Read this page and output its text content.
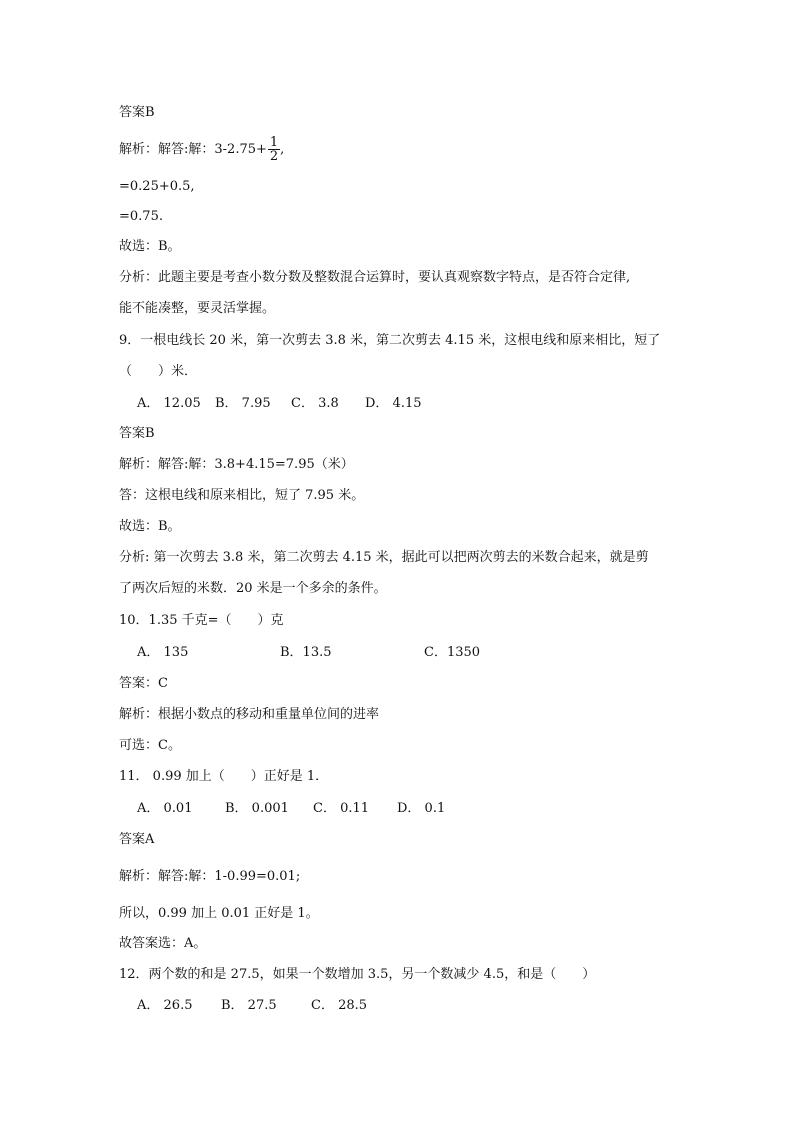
答案B
解析：解答:解：$3-2.75+ \frac{1}{2}$ ,
=0.25+0.5,
=0.75.
故选：B。
分析：此题主要是考查小数分数及整数混合运算时，要认真观察数字特点，是否符合定律,
能不能凑整，要灵活掌握。
9．一根电线长 20 米，第一次剪去 3.8 米，第二次剪去 4.15 米，这根电线和原来相比，短了
（　　）米．
A． 12.05 B． 7.95 C． 3.8 D． 4.15
答案B
解析：解答:解：3.8+4.15=7.95（米）
答：这根电线和原来相比，短了 7.95 米。
故选：B。
分析: 第一次剪去 3.8 米，第二次剪去 4.15 米，据此可以把两次剪去的米数合起来，就是剪
了两次后短的米数．20 米是一个多余的条件。
10．1.35 千克=（　　）克
A． 135	B．13.5	C．1350
答案：C
解析：根据小数点的移动和重量单位间的进率
可选：C。
11． 0.99 加上（　　）正好是 1．
A． 0.01	B． 0.001 C． 0.11 D． 0.1
答案A
解析：解答:解：1-0.99=0.01;
所以，0.99 加上 0.01 正好是 1。
故答案选：A。
12．两个数的和是 27.5，如果一个数增加 3.5，另一个数减少 4.5，和是（　　）
A． 26.5 B． 27.5	C． 28.5
